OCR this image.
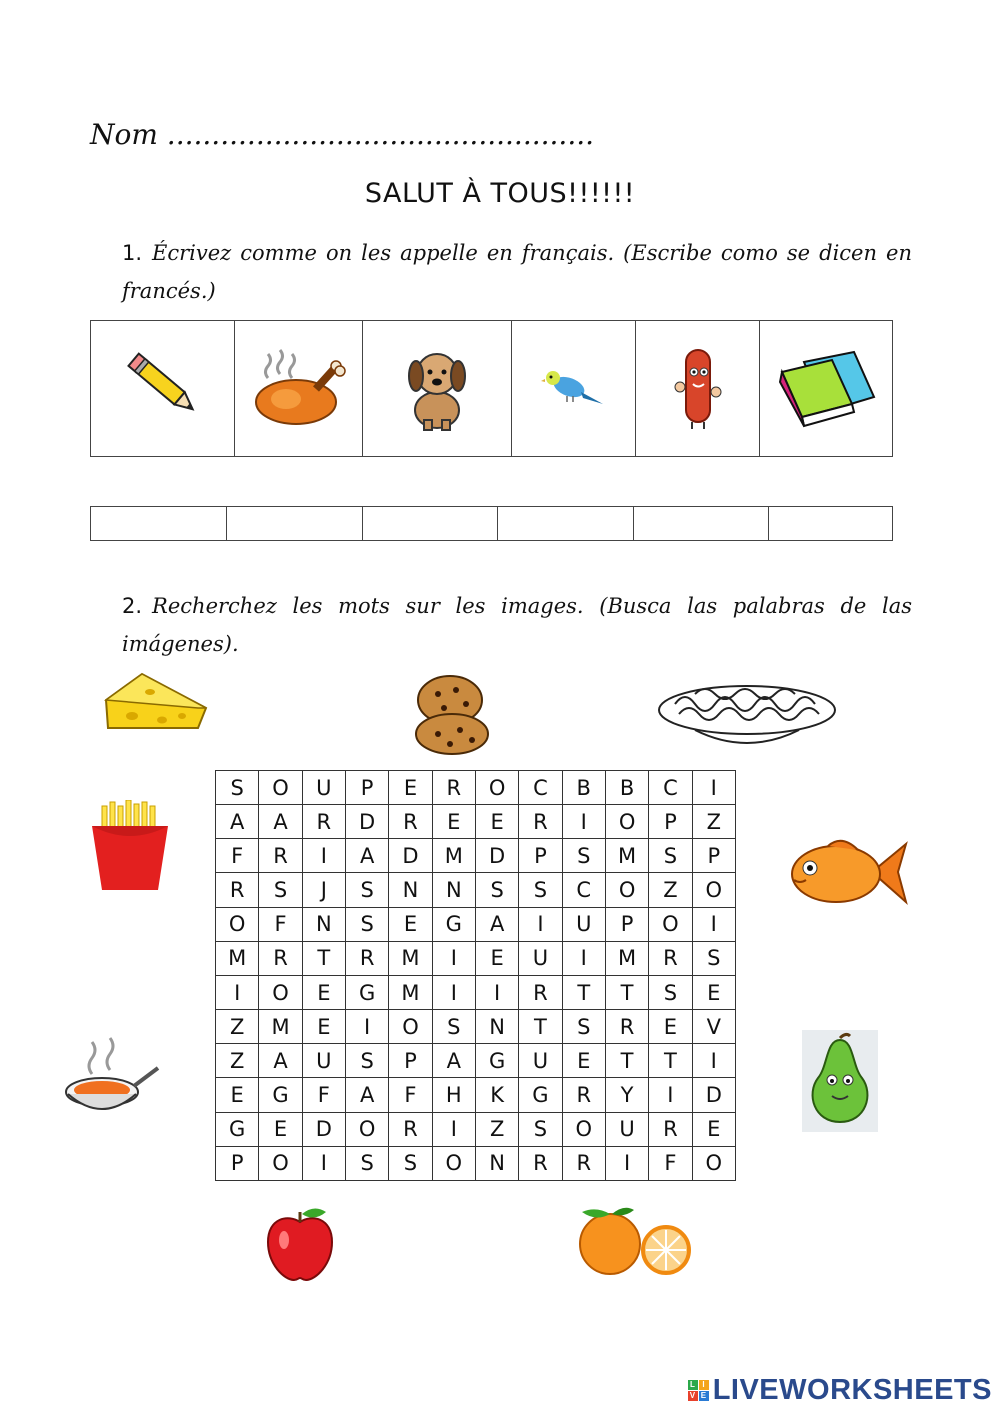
Nom ................................................
SALUT À TOUS!!!!!!
1. Écrivez comme on les appelle en français. (Escribe como se dicen en francés.)

2. Recherchez les mots sur les images. (Busca las palabras de las imágenes).
S	O	U	P	E	R	O	C	B	B	C	I
A	A	R	D	R	E	E	R	I	O	P	Z
F	R	I	A	D	M	D	P	S	M	S	P
R	S	J	S	N	N	S	S	C	O	Z	O
O	F	N	S	E	G	A	I	U	P	O	I
M	R	T	R	M	I	E	U	I	M	R	S
I	O	E	G	M	I	I	R	T	T	S	E
Z	M	E	I	O	S	N	T	S	R	E	V
Z	A	U	S	P	A	G	U	E	T	T	I
E	G	F	A	F	H	K	G	R	Y	I	D
G	E	D	O	R	I	Z	S	O	U	R	E
P	O	I	S	S	O	N	R	R	I	F	O
L I
V E LIVEWORKSHEETS
